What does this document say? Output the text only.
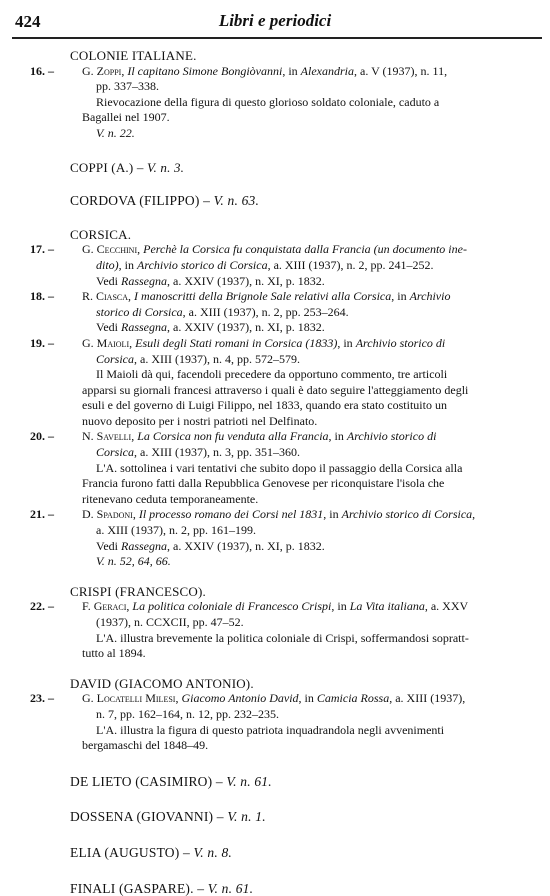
424	Libri e periodici
COLONIE ITALIANE.
16. – G. Zoppi, Il capitano Simone Bongiòvanni, in Alexandria, a. V (1937), n. 11,
pp. 337–338.
Rievocazione della figura di questo glorioso soldato coloniale, caduto a
Bagallei nel 1907.
V. n. 22.
COPPI (A.) – V. n. 3.
CORDOVA (FILIPPO) – V. n. 63.
CORSICA.
17. – G. Cecchini, Perchè la Corsica fu conquistata dalla Francia (un documento ine-
dito), in Archivio storico di Corsica, a. XIII (1937), n. 2, pp. 241–252.
Vedi Rassegna, a. XXIV (1937), n. XI, p. 1832.
18. – R. Ciasca, I manoscritti della Brignole Sale relativi alla Corsica, in Archivio
storico di Corsica, a. XIII (1937), n. 2, pp. 253–264.
Vedi Rassegna, a. XXIV (1937), n. XI, p. 1832.
19. – G. Maioli, Esuli degli Stati romani in Corsica (1833), in Archivio storico di
Corsica, a. XIII (1937), n. 4, pp. 572–579.
Il Maioli dà qui, facendoli precedere da opportuno commento, tre articoli
apparsi su giornali francesi attraverso i quali è dato seguire l'atteggiamento degli
esuli e del governo di Luigi Filippo, nel 1833, quando era stato costituito un
nuovo deposito per i nostri patrioti nel Delfinato.
20. – N. Savelli, La Corsica non fu venduta alla Francia, in Archivio storico di
Corsica, a. XIII (1937), n. 3, pp. 351–360.
L'A. sottolinea i vari tentativi che subito dopo il passaggio della Corsica alla
Francia furono fatti dalla Repubblica Genovese per riconquistare l'isola che
ritenevano ceduta temporaneamente.
21. – D. Spadoni, Il processo romano dei Corsi nel 1831, in Archivio storico di Corsica,
a. XIII (1937), n. 2, pp. 161–199.
Vedi Rassegna, a. XXIV (1937), n. XI, p. 1832.
V. n. 52, 64, 66.
CRISPI (FRANCESCO).
22. – F. Geraci, La politica coloniale di Francesco Crispi, in La Vita italiana, a. XXV
(1937), n. CCXCII, pp. 47–52.
L'A. illustra brevemente la politica coloniale di Crispi, soffermandosi sopratt-
tutto al 1894.
DAVID (GIACOMO ANTONIO).
23. – G. Locatelli Milesi, Giacomo Antonio David, in Camicia Rossa, a. XIII (1937),
n. 7, pp. 162–164, n. 12, pp. 232–235.
L'A. illustra la figura di questo patriota inquadrandola negli avvenimenti
bergamaschi del 1848–49.
DE LIETO (CASIMIRO) – V. n. 61.
DOSSENA (GIOVANNI) – V. n. 1.
ELIA (AUGUSTO) – V. n. 8.
FINALI (GASPARE). – V. n. 61.
